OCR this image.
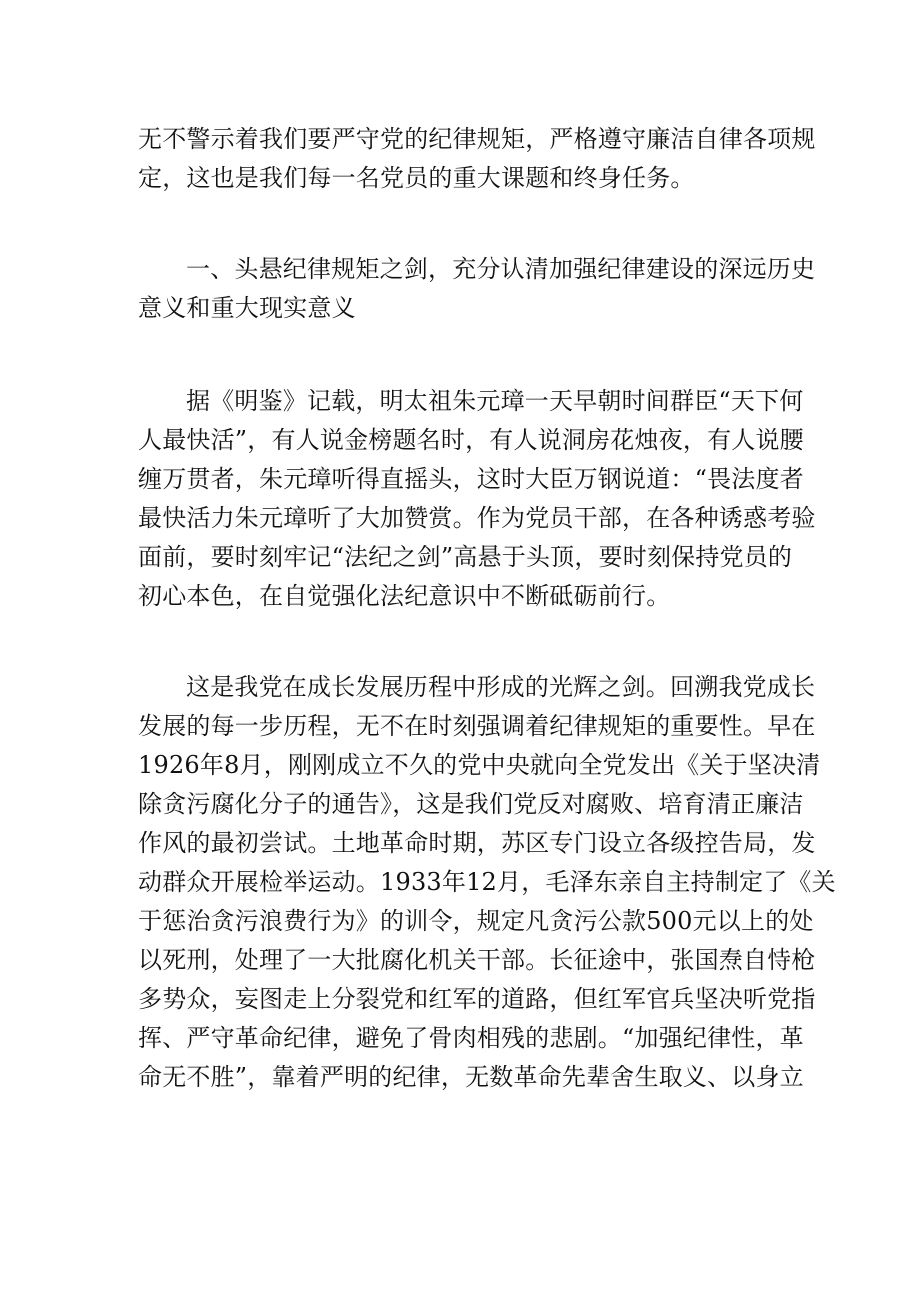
无不警示着我们要严守党的纪律规矩，严格遵守廉洁自律各项规
定，这也是我们每一名党员的重大课题和终身任务。
一、头悬纪律规矩之剑，充分认清加强纪律建设的深远历史
意义和重大现实意义
据《明鉴》记载，明太祖朱元璋一天早朝时间群臣“天下何
人最快活”，有人说金榜题名时，有人说洞房花烛夜，有人说腰
缠万贯者，朱元璋听得直摇头，这时大臣万钢说道：“畏法度者
最快活力朱元璋听了大加赞赏。作为党员干部，在各种诱惑考验
面前，要时刻牢记“法纪之剑”高悬于头顶，要时刻保持党员的
初心本色，在自觉强化法纪意识中不断砥砺前行。
这是我党在成长发展历程中形成的光辉之剑。回溯我党成长
发展的每一步历程，无不在时刻强调着纪律规矩的重要性。早在
1926年8月，刚刚成立不久的党中央就向全党发出《关于坚决清
除贪污腐化分子的通告》，这是我们党反对腐败、培育清正廉洁
作风的最初尝试。土地革命时期，苏区专门设立各级控告局，发
动群众开展检举运动。1933年12月，毛泽东亲自主持制定了《关
于惩治贪污浪费行为》的训令，规定凡贪污公款500元以上的处
以死刑，处理了一大批腐化机关干部。长征途中，张国焘自恃枪
多势众，妄图走上分裂党和红军的道路，但红军官兵坚决听党指
挥、严守革命纪律，避免了骨肉相残的悲剧。“加强纪律性，革
命无不胜”，靠着严明的纪律，无数革命先辈舍生取义、以身立
